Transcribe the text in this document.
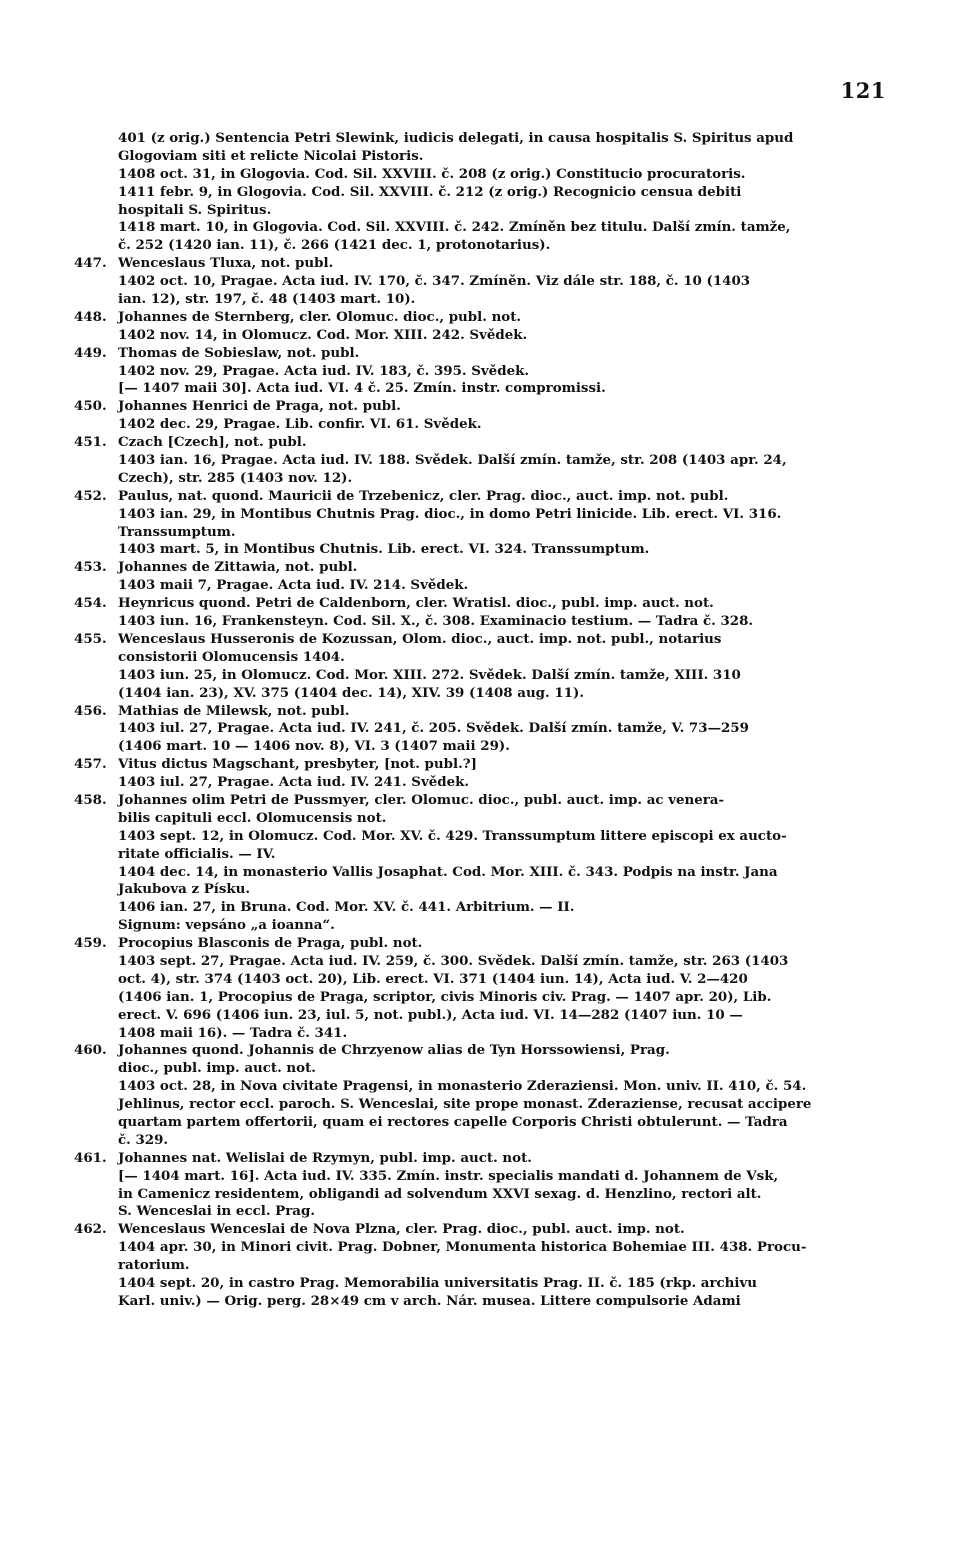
121
401 (z orig.) Sentencia Petri Slewink, iudicis delegati, in causa hospitalis S. Spiritus apud
Glogoviam siti et relicte Nicolai Pistoris.
1408 oct. 31, in Glogovia. Cod. Sil. XXVIII. č. 208 (z orig.) Constitucio procuratoris.
1411 febr. 9, in Glogovia. Cod. Sil. XXVIII. č. 212 (z orig.) Recognicio censua debiti
hospitali S. Spiritus.
1418 mart. 10, in Glogovia. Cod. Sil. XXVIII. č. 242. Zmíněn bez titulu. Další zmín. tamže,
č. 252 (1420 ian. 11), č. 266 (1421 dec. 1, protonotarius).
447. Wenceslaus Tluxa, not. publ.
1402 oct. 10, Pragae. Acta iud. IV. 170, č. 347. Zmíněn. Viz dále str. 188, č. 10 (1403
ian. 12), str. 197, č. 48 (1403 mart. 10).
448. Johannes de Sternberg, cler. Olomuc. dioc., publ. not.
1402 nov. 14, in Olomucz. Cod. Mor. XIII. 242. Svědek.
449. Thomas de Sobieslaw, not. publ.
1402 nov. 29, Pragae. Acta iud. IV. 183, č. 395. Svědek.
[— 1407 maii 30]. Acta iud. VI. 4 č. 25. Zmín. instr. compromissi.
450. Johannes Henrici de Praga, not. publ.
1402 dec. 29, Pragae. Lib. confir. VI. 61. Svědek.
451. Czach [Czech], not. publ.
1403 ian. 16, Pragae. Acta iud. IV. 188. Svědek. Další zmín. tamže, str. 208 (1403 apr. 24,
Czech), str. 285 (1403 nov. 12).
452. Paulus, nat. quond. Mauricii de Trzebenicz, cler. Prag. dioc., auct. imp. not. publ.
1403 ian. 29, in Montibus Chutnis Prag. dioc., in domo Petri linicide. Lib. erect. VI. 316.
Transsumptum.
1403 mart. 5, in Montibus Chutnis. Lib. erect. VI. 324. Transsumptum.
453. Johannes de Zittawia, not. publ.
1403 maii 7, Pragae. Acta iud. IV. 214. Svědek.
454. Heynricus quond. Petri de Caldenborn, cler. Wratisl. dioc., publ. imp. auct. not.
1403 iun. 16, Frankensteyn. Cod. Sil. X., č. 308. Examinacio testium. — Tadra č. 328.
455. Wenceslaus Husseronis de Kozussan, Olom. dioc., auct. imp. not. publ., notarius
consistorii Olomucensis 1404.
1403 iun. 25, in Olomucz. Cod. Mor. XIII. 272. Svědek. Další zmín. tamže, XIII. 310
(1404 ian. 23), XV. 375 (1404 dec. 14), XIV. 39 (1408 aug. 11).
456. Mathias de Milewsk, not. publ.
1403 iul. 27, Pragae. Acta iud. IV. 241, č. 205. Svědek. Další zmín. tamže, V. 73—259
(1406 mart. 10 — 1406 nov. 8), VI. 3 (1407 maii 29).
457. Vitus dictus Magschant, presbyter, [not. publ.?]
1403 iul. 27, Pragae. Acta iud. IV. 241. Svědek.
458. Johannes olim Petri de Pussmyer, cler. Olomuc. dioc., publ. auct. imp. ac venera-
bilis capituli eccl. Olomucensis not.
1403 sept. 12, in Olomucz. Cod. Mor. XV. č. 429. Transsumptum littere episcopi ex aucto-
ritate officialis. — IV.
1404 dec. 14, in monasterio Vallis Josaphat. Cod. Mor. XIII. č. 343. Podpis na instr. Jana
Jakubova z Písku.
1406 ian. 27, in Bruna. Cod. Mor. XV. č. 441. Arbitrium. — II.
Signum: vepsáno „a ioanna“.
459. Procopius Blasconis de Praga, publ. not.
1403 sept. 27, Pragae. Acta iud. IV. 259, č. 300. Svědek. Další zmín. tamže, str. 263 (1403
oct. 4), str. 374 (1403 oct. 20), Lib. erect. VI. 371 (1404 iun. 14), Acta iud. V. 2—420
(1406 ian. 1, Procopius de Praga, scriptor, civis Minoris civ. Prag. — 1407 apr. 20), Lib.
erect. V. 696 (1406 iun. 23, iul. 5, not. publ.), Acta iud. VI. 14—282 (1407 iun. 10 —
1408 maii 16). — Tadra č. 341.
460. Johannes quond. Johannis de Chrzyenow alias de Tyn Horssowiensi, Prag.
dioc., publ. imp. auct. not.
1403 oct. 28, in Nova civitate Pragensi, in monasterio Zderaziensi. Mon. univ. II. 410, č. 54.
Jehlinus, rector eccl. paroch. S. Wenceslai, site prope monast. Zderaziense, recusat accipere
quartam partem offertorii, quam ei rectores capelle Corporis Christi obtulerunt. — Tadra
č. 329.
461. Johannes nat. Welislai de Rzymyn, publ. imp. auct. not.
[— 1404 mart. 16]. Acta iud. IV. 335. Zmín. instr. specialis mandati d. Johannem de Vsk,
in Camenicz residentem, obligandi ad solvendum XXVI sexag. d. Henzlino, rectori alt.
S. Wenceslai in eccl. Prag.
462. Wenceslaus Wenceslai de Nova Plzna, cler. Prag. dioc., publ. auct. imp. not.
1404 apr. 30, in Minori civit. Prag. Dobner, Monumenta historica Bohemiae III. 438. Procu-
ratorium.
1404 sept. 20, in castro Prag. Memorabilia universitatis Prag. II. č. 185 (rkp. archivu
Karl. univ.) — Orig. perg. 28×49 cm v arch. Nár. musea. Littere compulsorie Adami
